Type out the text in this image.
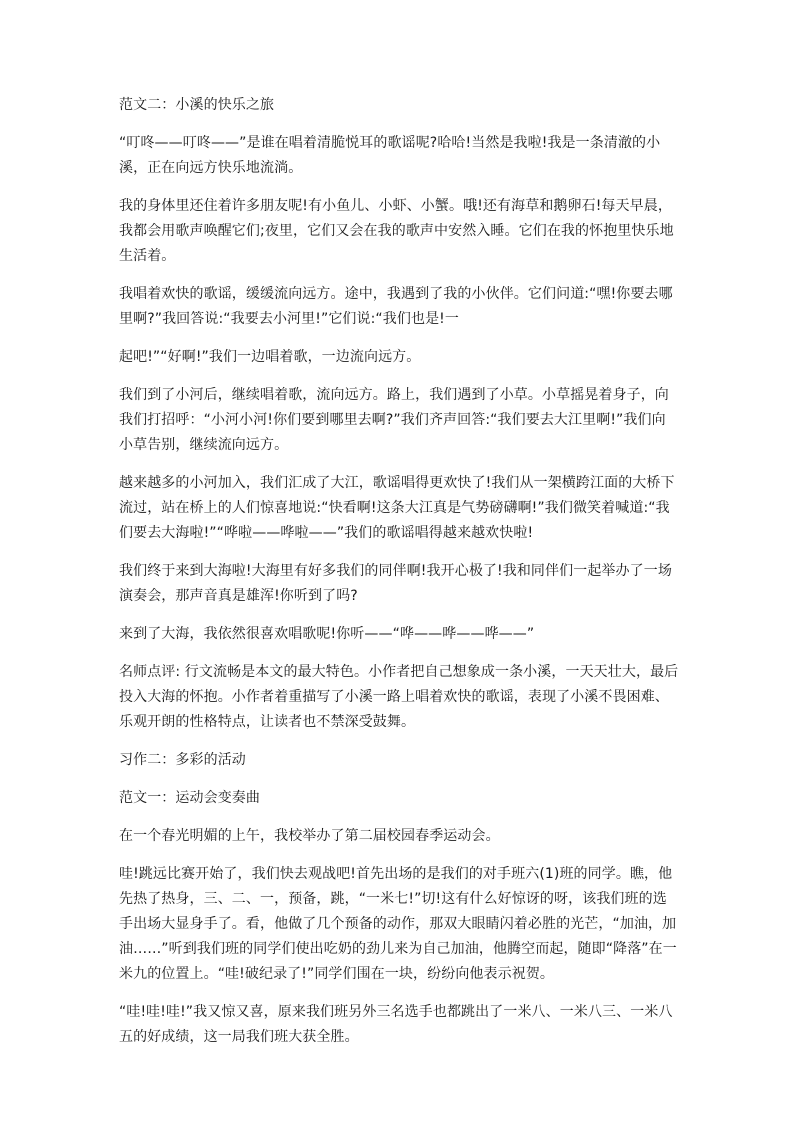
范文二：小溪的快乐之旅

“叮咚——叮咚——”是谁在唱着清脆悦耳的歌谣呢?哈哈!当然是我啦!我是一条清澈的小溪，正在向远方快乐地流淌。

我的身体里还住着许多朋友呢!有小鱼儿、小虾、小蟹。哦!还有海草和鹅卵石!每天早晨，我都会用歌声唤醒它们;夜里，它们又会在我的歌声中安然入睡。它们在我的怀抱里快乐地生活着。

我唱着欢快的歌谣，缓缓流向远方。途中，我遇到了我的小伙伴。它们问道:“嘿!你要去哪里啊?”我回答说:“我要去小河里!”它们说:“我们也是!一

起吧!”“好啊!”我们一边唱着歌，一边流向远方。

我们到了小河后，继续唱着歌，流向远方。路上，我们遇到了小草。小草摇晃着身子，向我们打招呼：“小河小河!你们要到哪里去啊?”我们齐声回答:“我们要去大江里啊!”我们向小草告别，继续流向远方。

越来越多的小河加入，我们汇成了大江，歌谣唱得更欢快了!我们从一架横跨江面的大桥下流过，站在桥上的人们惊喜地说:“快看啊!这条大江真是气势磅礴啊!”我们微笑着喊道:“我们要去大海啦!”“哗啦——哗啦——”我们的歌谣唱得越来越欢快啦!

我们终于来到大海啦!大海里有好多我们的同伴啊!我开心极了!我和同伴们一起举办了一场演奏会，那声音真是雄浑!你听到了吗?

来到了大海，我依然很喜欢唱歌呢!你听——“哗——哗——哗——”

名师点评: 行文流畅是本文的最大特色。小作者把自己想象成一条小溪，一天天壮大，最后投入大海的怀抱。小作者着重描写了小溪一路上唱着欢快的歌谣，表现了小溪不畏困难、乐观开朗的性格特点，让读者也不禁深受鼓舞。

习作二：多彩的活动

范文一：运动会变奏曲

在一个春光明媚的上午，我校举办了第二届校园春季运动会。

哇!跳远比赛开始了，我们快去观战吧!首先出场的是我们的对手班六(1)班的同学。瞧，他先热了热身，三、二、一，预备，跳，“一米七!”切!这有什么好惊讶的呀，该我们班的选手出场大显身手了。看，他做了几个预备的动作，那双大眼睛闪着必胜的光芒，“加油，加油……”听到我们班的同学们使出吃奶的劲儿来为自己加油，他腾空而起，随即“降落”在一米九的位置上。“哇!破纪录了!”同学们围在一块，纷纷向他表示祝贺。

“哇!哇!哇!”我又惊又喜，原来我们班另外三名选手也都跳出了一米八、一米八三、一米八五的好成绩，这一局我们班大获全胜。
